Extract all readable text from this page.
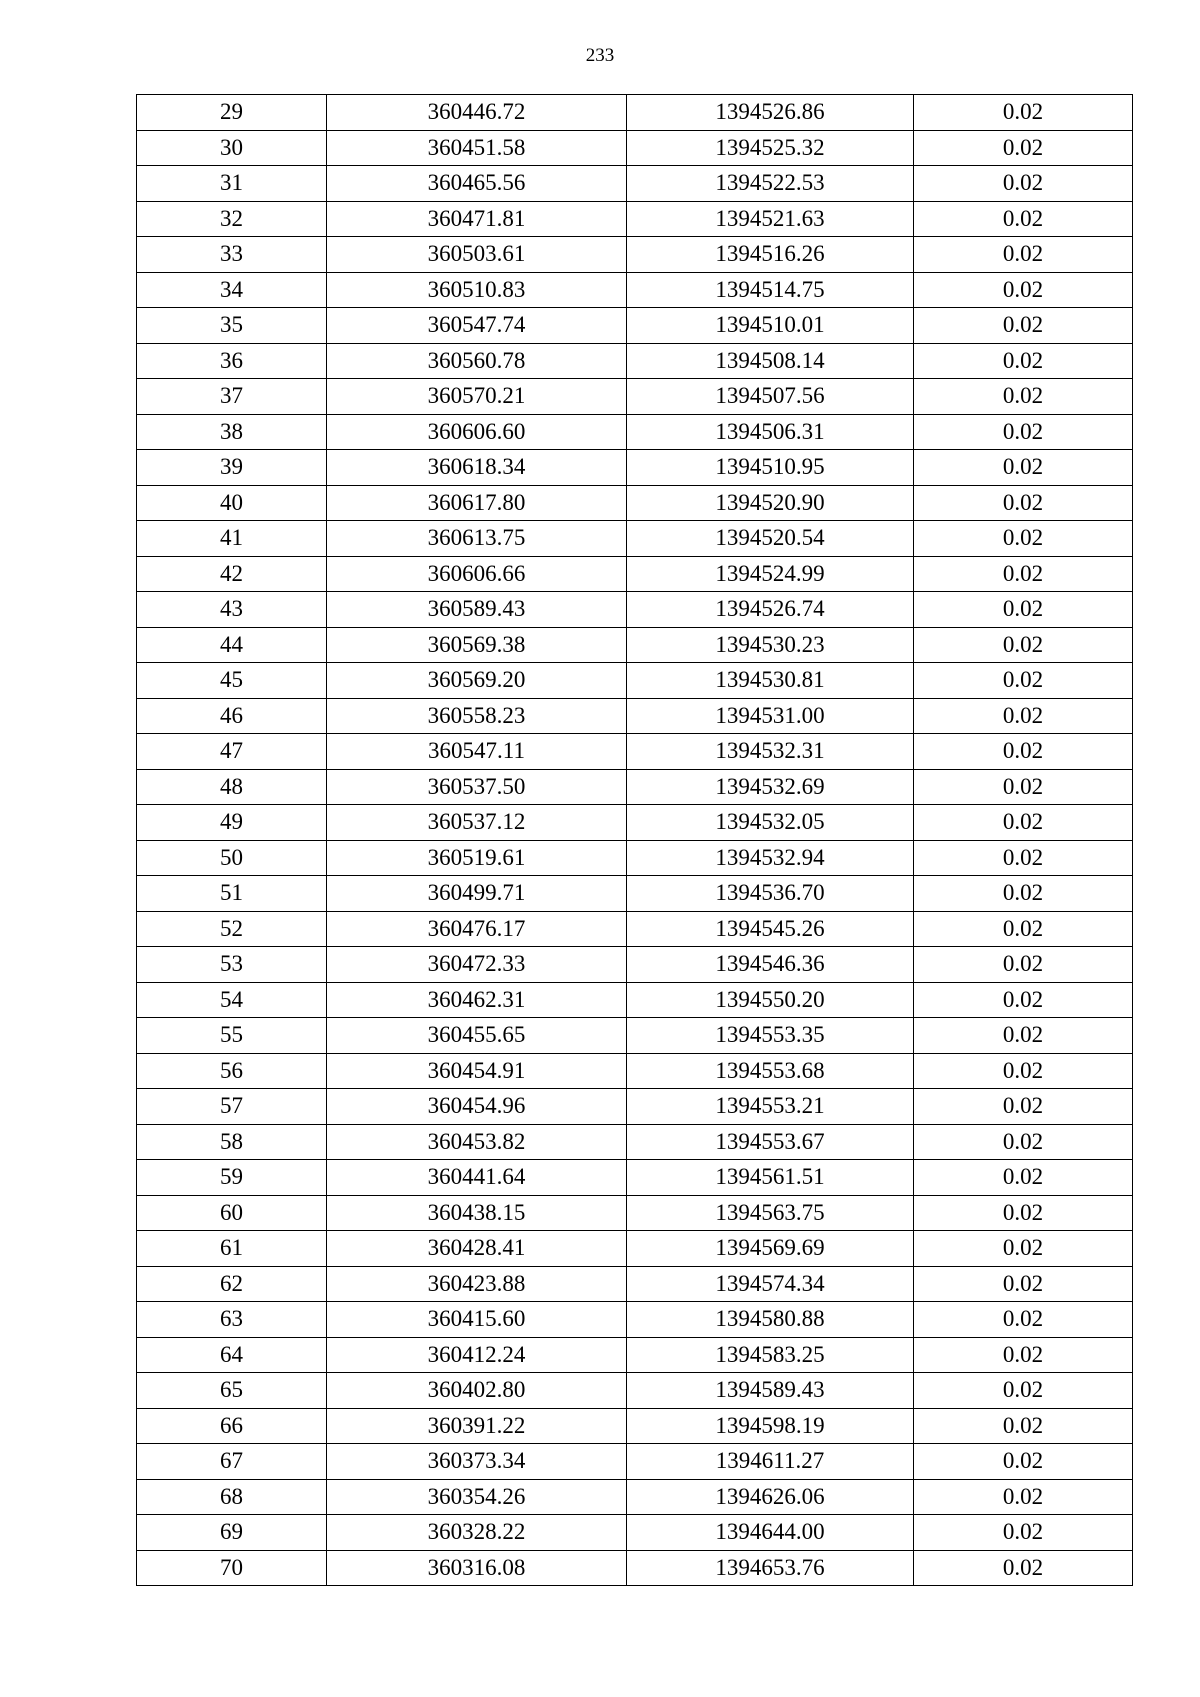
233
29	360446.72	1394526.86	0.02
30	360451.58	1394525.32	0.02
31	360465.56	1394522.53	0.02
32	360471.81	1394521.63	0.02
33	360503.61	1394516.26	0.02
34	360510.83	1394514.75	0.02
35	360547.74	1394510.01	0.02
36	360560.78	1394508.14	0.02
37	360570.21	1394507.56	0.02
38	360606.60	1394506.31	0.02
39	360618.34	1394510.95	0.02
40	360617.80	1394520.90	0.02
41	360613.75	1394520.54	0.02
42	360606.66	1394524.99	0.02
43	360589.43	1394526.74	0.02
44	360569.38	1394530.23	0.02
45	360569.20	1394530.81	0.02
46	360558.23	1394531.00	0.02
47	360547.11	1394532.31	0.02
48	360537.50	1394532.69	0.02
49	360537.12	1394532.05	0.02
50	360519.61	1394532.94	0.02
51	360499.71	1394536.70	0.02
52	360476.17	1394545.26	0.02
53	360472.33	1394546.36	0.02
54	360462.31	1394550.20	0.02
55	360455.65	1394553.35	0.02
56	360454.91	1394553.68	0.02
57	360454.96	1394553.21	0.02
58	360453.82	1394553.67	0.02
59	360441.64	1394561.51	0.02
60	360438.15	1394563.75	0.02
61	360428.41	1394569.69	0.02
62	360423.88	1394574.34	0.02
63	360415.60	1394580.88	0.02
64	360412.24	1394583.25	0.02
65	360402.80	1394589.43	0.02
66	360391.22	1394598.19	0.02
67	360373.34	1394611.27	0.02
68	360354.26	1394626.06	0.02
69	360328.22	1394644.00	0.02
70	360316.08	1394653.76	0.02
